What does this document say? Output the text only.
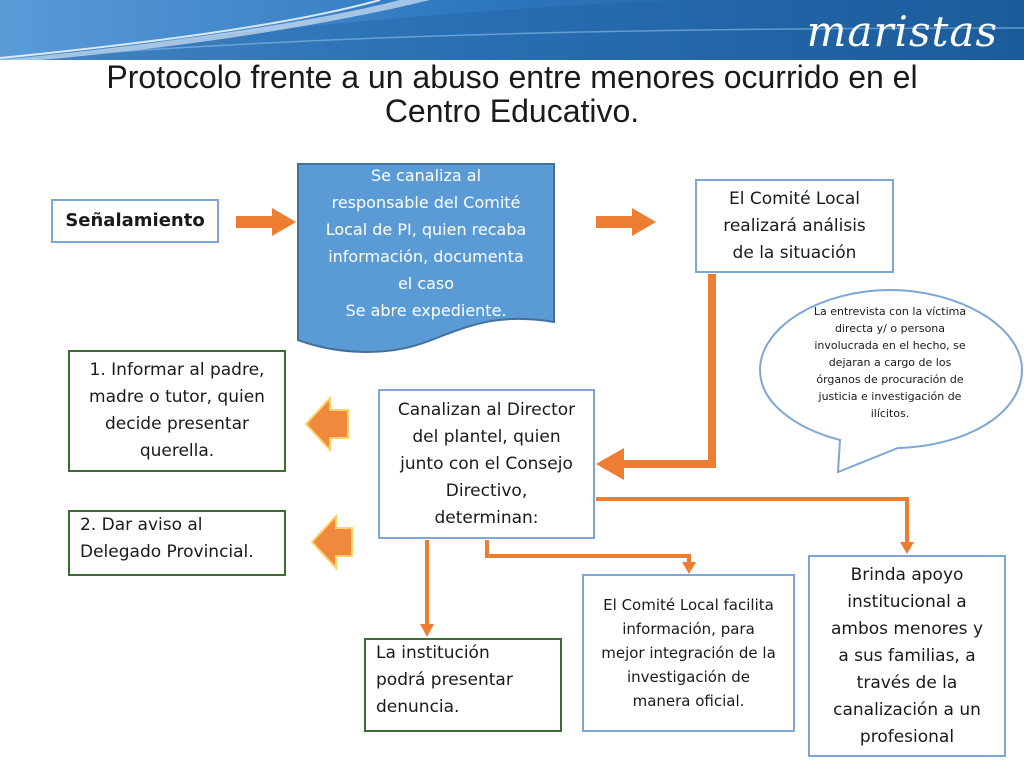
maristas
Protocolo frente a un abuso entre menores ocurrido en el
Centro Educativo.
Señalamiento
Se canaliza al
responsable del Comité
Local de PI, quien recaba
información, documenta
el caso
Se abre expediente.
El Comité Local
realizará análisis
de la situación
La entrevista con la víctima
directa y/ o persona
involucrada en el hecho, se
dejaran a cargo de los
órganos de procuración de
justicia e investigación de
ilícitos.
Canalizan al Director
del plantel, quien
junto con el Consejo
Directivo,
determinan:
1. Informar al padre,
madre o tutor, quien
decide presentar
querella.
2. Dar aviso al
Delegado Provincial.
La institución
podrá presentar
denuncia.
El Comité Local facilita
información, para
mejor integración de la
investigación de
manera oficial.
Brinda apoyo
institucional a
ambos menores y
a sus familias, a
través de la
canalización a un
profesional
